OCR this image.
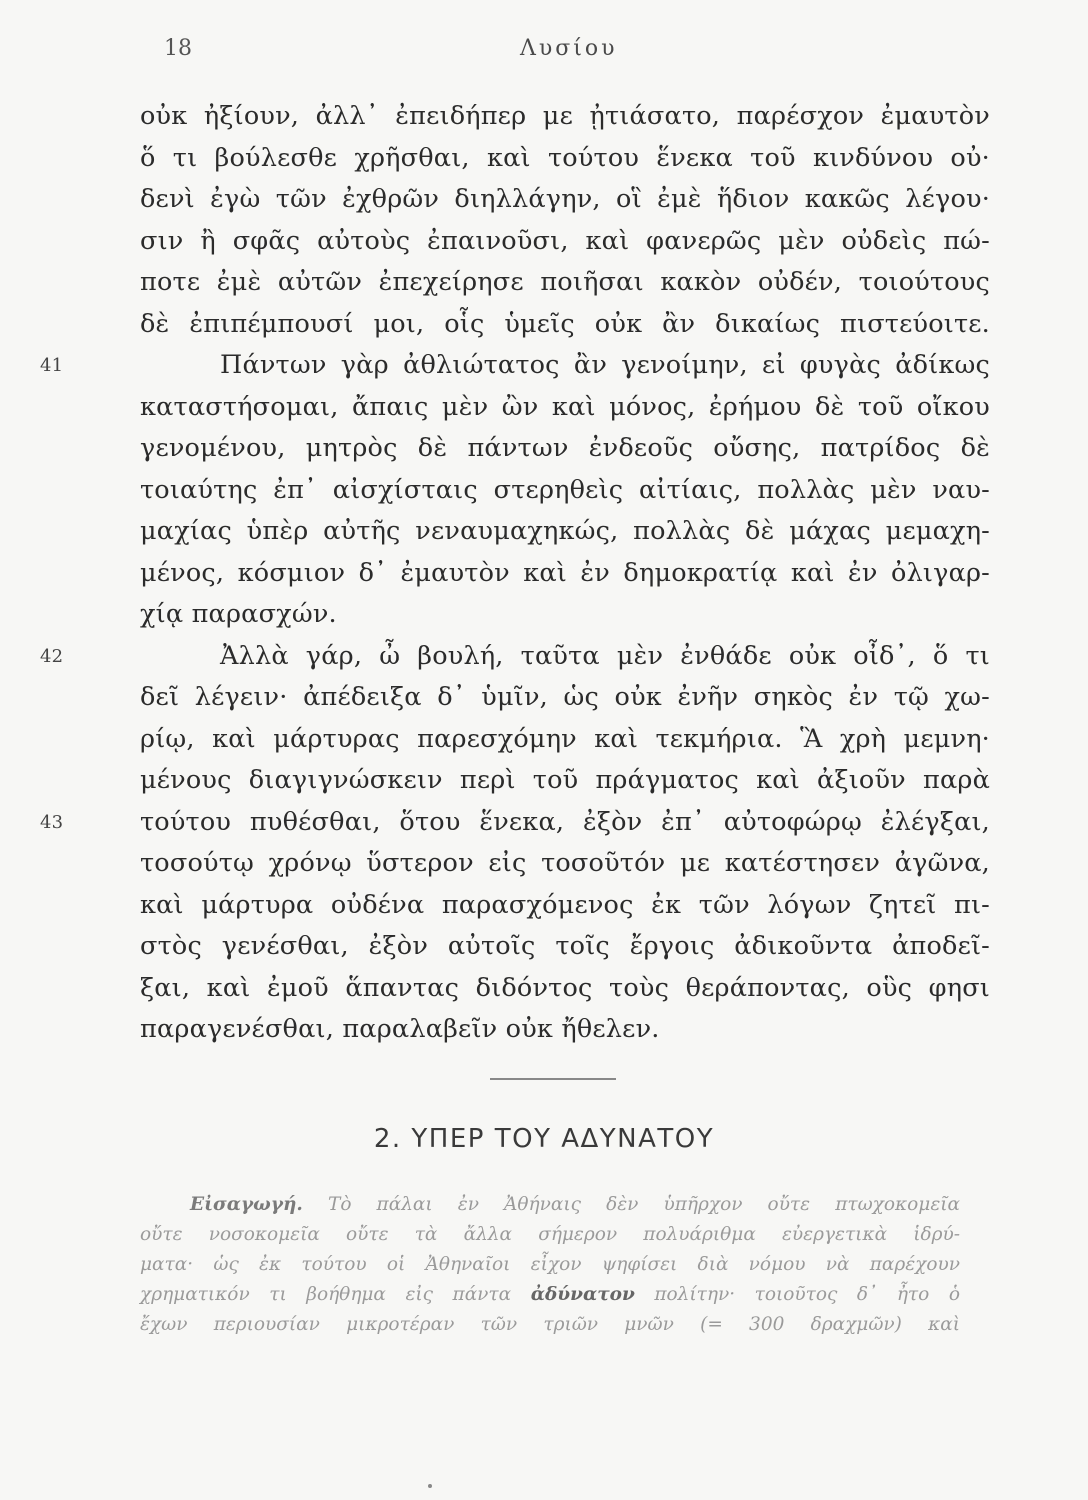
18	Λυσίου
οὐκ ἠξίουν, ἀλλ᾽ ἐπειδήπερ με ᾐτιάσατο, παρέσχον ἐμαυτὸν
ὅ τι βούλεσθε χρῆσθαι, καὶ τούτου ἕνεκα τοῦ κινδύνου οὐ·
δενὶ ἐγὼ τῶν ἐχθρῶν διηλλάγην, οἳ ἐμὲ ἥδιον κακῶς λέγου·
σιν ἢ σφᾶς αὐτοὺς ἐπαινοῦσι, καὶ φανερῶς μὲν οὐδεὶς πώ-
ποτε ἐμὲ αὐτῶν ἐπεχείρησε ποιῆσαι κακὸν οὐδέν, τοιούτους
δὲ ἐπιπέμπουσί μοι, οἷς ὑμεῖς οὐκ ἂν δικαίως πιστεύοιτε.
41	Πάντων γὰρ ἀθλιώτατος ἂν γενοίμην, εἰ φυγὰς ἀδίκως
καταστήσομαι, ἄπαις μὲν ὢν καὶ μόνος, ἐρήμου δὲ τοῦ οἴκου
γενομένου, μητρὸς δὲ πάντων ἐνδεοῦς οὔσης, πατρίδος δὲ
τοιαύτης ἐπ᾽ αἰσχίσταις στερηθεὶς αἰτίαις, πολλὰς μὲν ναυ-
μαχίας ὑπὲρ αὐτῆς νεναυμαχηκώς, πολλὰς δὲ μάχας μεμαχη-
μένος, κόσμιον δ᾽ ἐμαυτὸν καὶ ἐν δημοκρατίᾳ καὶ ἐν ὀλιγαρ-
χίᾳ παρασχών.
42	Ἀλλὰ γάρ, ὦ βουλή, ταῦτα μὲν ἐνθάδε οὐκ οἶδ᾽, ὅ τι
δεῖ λέγειν· ἀπέδειξα δ᾽ ὑμῖν, ὡς οὐκ ἐνῆν σηκὸς ἐν τῷ χω-
ρίῳ, καὶ μάρτυρας παρεσχόμην καὶ τεκμήρια. Ἃ χρὴ μεμνη·
μένους διαγιγνώσκειν περὶ τοῦ πράγματος καὶ ἀξιοῦν παρὰ
43	τούτου πυθέσθαι, ὅτου ἕνεκα, ἐξὸν ἐπ᾽ αὐτοφώρῳ ἐλέγξαι,
τοσούτῳ χρόνῳ ὕστερον εἰς τοσοῦτόν με κατέστησεν ἀγῶνα,
καὶ μάρτυρα οὐδένα παρασχόμενος ἐκ τῶν λόγων ζητεῖ πι-
στὸς γενέσθαι, ἐξὸν αὐτοῖς τοῖς ἔργοις ἀδικοῦντα ἀποδεῖ-
ξαι, καὶ ἐμοῦ ἅπαντας διδόντος τοὺς θεράποντας, οὓς φησι
παραγενέσθαι, παραλαβεῖν οὐκ ἤθελεν.
2. ΥΠΕΡ ΤΟΥ ΑΔΥΝΑΤΟΥ
Εἰσαγωγή. Τὸ πάλαι ἐν Ἀθήναις δὲν ὑπῆρχον οὔτε πτωχοκομεῖα
οὔτε νοσοκομεῖα οὔτε τὰ ἄλλα σήμερον πολυάριθμα εὐεργετικὰ ἱδρύ-
ματα· ὡς ἐκ τούτου οἱ Ἀθηναῖοι εἶχον ψηφίσει διὰ νόμου νὰ παρέχουν
χρηματικόν τι βοήθημα εἰς πάντα ἀδύνατον πολίτην· τοιοῦτος δ᾽ ἦτο ὁ
ἔχων περιουσίαν μικροτέραν τῶν τριῶν μνῶν (= 300 δραχμῶν) καὶ
